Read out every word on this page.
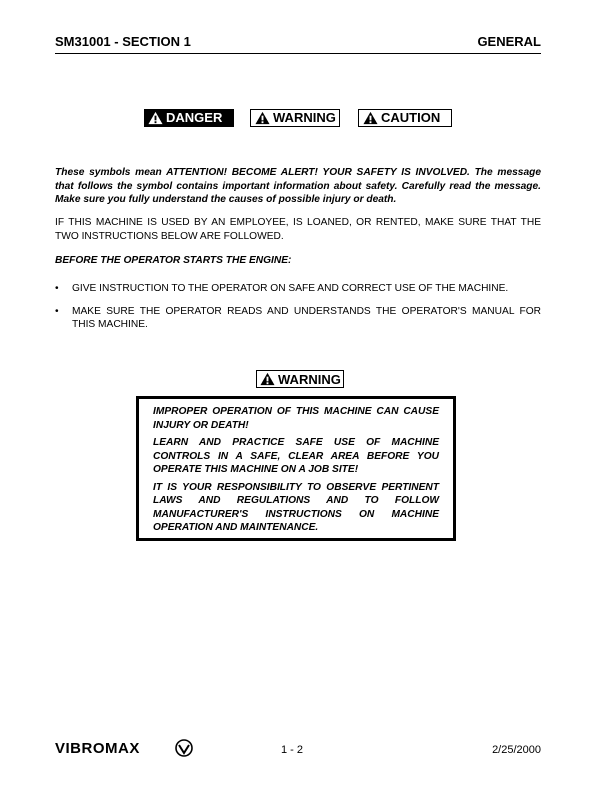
SM31001 - SECTION 1	GENERAL
DANGER	WARNING	CAUTION
These symbols mean ATTENTION! BECOME ALERT! YOUR SAFETY IS INVOLVED. The message that follows the symbol contains important information about safety. Carefully read the message. Make sure you fully understand the causes of possible injury or death.
IF THIS MACHINE IS USED BY AN EMPLOYEE, IS LOANED, OR RENTED, MAKE SURE THAT THE TWO INSTRUCTIONS BELOW ARE FOLLOWED.
BEFORE THE OPERATOR STARTS THE ENGINE:
• GIVE INSTRUCTION TO THE OPERATOR ON SAFE AND CORRECT USE OF THE MACHINE.
• MAKE SURE THE OPERATOR READS AND UNDERSTANDS THE OPERATOR'S MANUAL FOR THIS MACHINE.
WARNING

IMPROPER OPERATION OF THIS MACHINE CAN CAUSE INJURY OR DEATH!

LEARN AND PRACTICE SAFE USE OF MACHINE CONTROLS IN A SAFE, CLEAR AREA BEFORE YOU OPERATE THIS MACHINE ON A JOB SITE!

IT IS YOUR RESPONSIBILITY TO OBSERVE PERTINENT LAWS AND REGULATIONS AND TO FOLLOW MANUFACTURER'S INSTRUCTIONS ON MACHINE OPERATION AND MAINTENANCE.

VIBROMAX	1 - 2	2/25/2000
